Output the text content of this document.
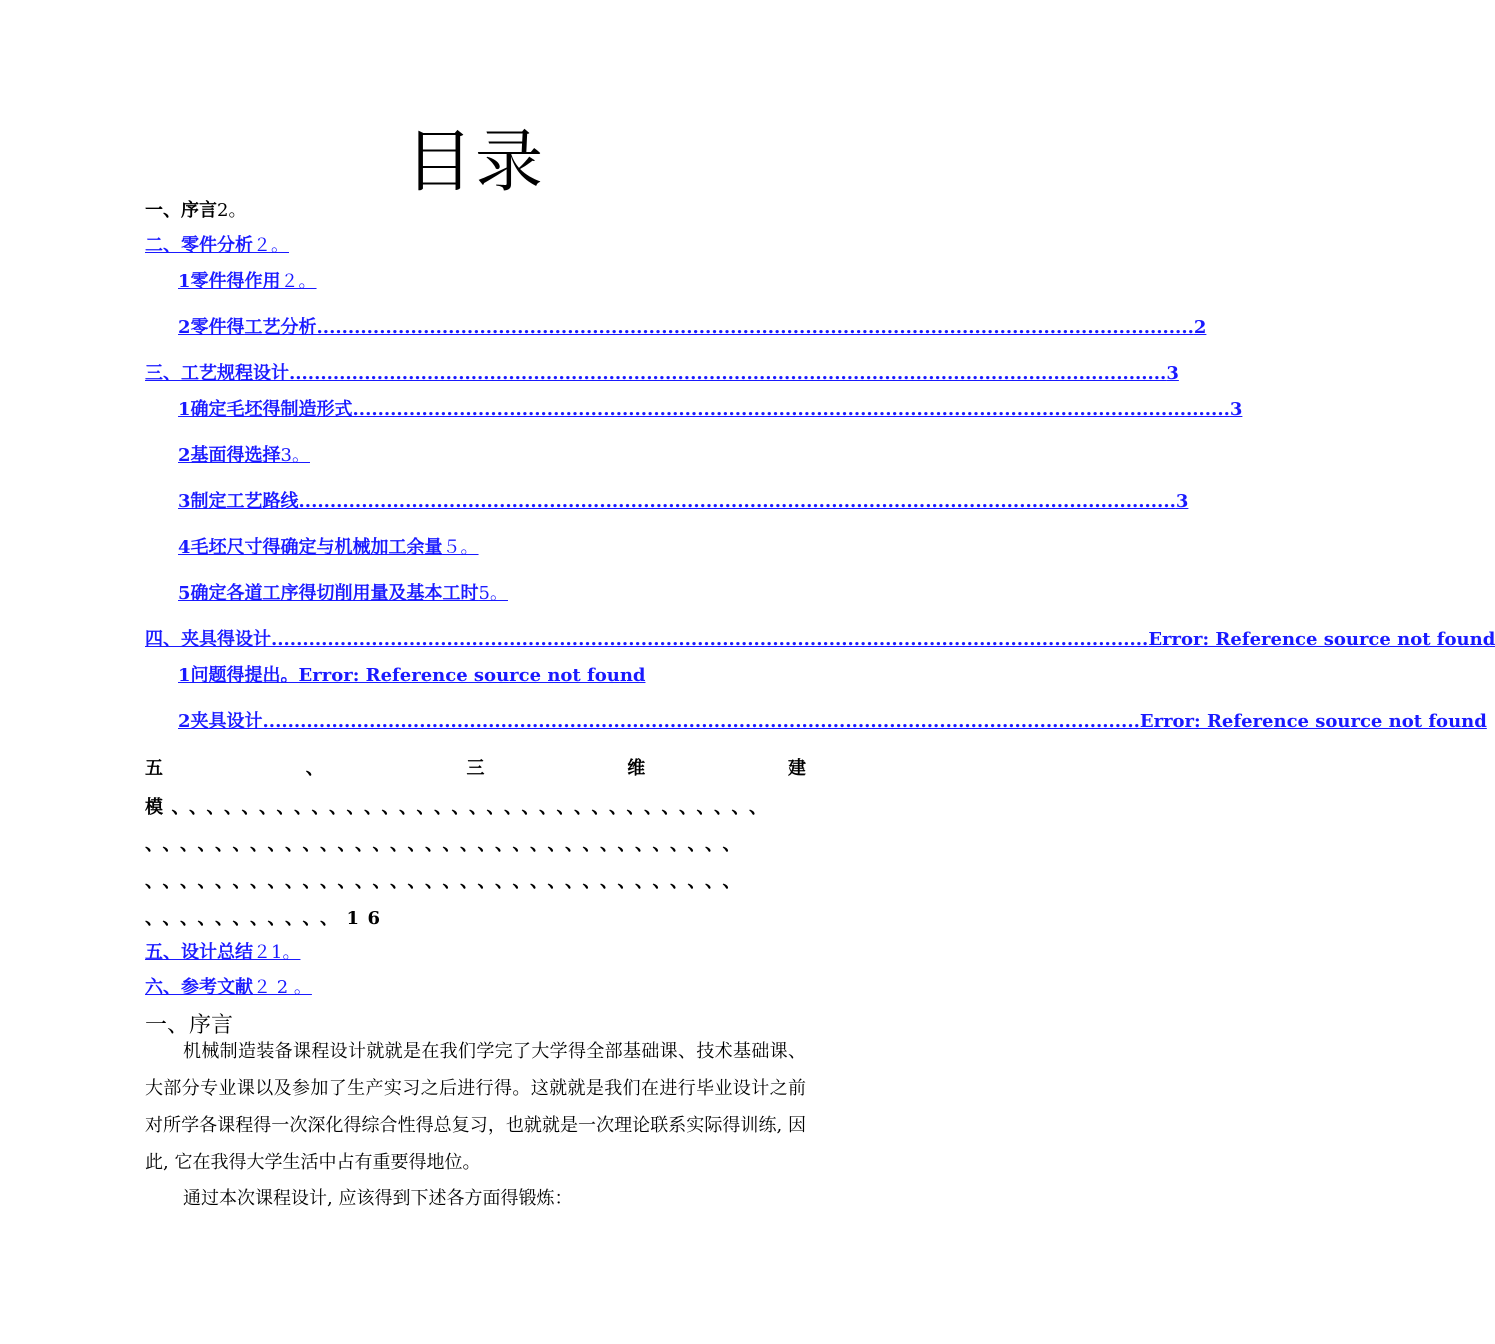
目录
一、序言 2。
二、零件分析 ２。
1零件得作用 ２。
2零件得工艺分析 ............................................................................................................................................ 2
三、工艺规程设计 ............................................................................................................................................ 3
1确定毛坯得制造形式 ............................................................................................................................................ 3
2基面得选择 3。
3制定工艺路线 ............................................................................................................................................ 3
4毛坯尺寸得确定与机械加工余量 ５。
5确定各道工序得切削用量及基本工时 5。
四、夹具得设计 ............................................................................................................................................ Error: Reference source not found
1问题得提出 。Error: Reference source not found
2夹具设计 ............................................................................................................................................ Error: Reference source not found
五	、	三	维	建
模、、、、、、、、、、、、、、、、、、、、、、、、、、、、、、、、、、
、、、、、、、、、、、、、、、、、、、、、、、、、、、、、、、、、、
、、、、、、、、、、、、、、、、、、、、、、、、、、、、、、、、、、
、、、、、、、、、、、16
五、设计总结 ２1。
六、参考文献 ２ 2 。
一、序言

机械制造装备课程设计就就是在我们学完了大学得全部基础课、技术基础课、大部分专业课以及参加了生产实习之后进行得。这就就是我们在进行毕业设计之前对所学各课程得一次深化得综合性得总复习，也就就是一次理论联系实际得训练, 因此, 它在我得大学生活中占有重要得地位。

通过本次课程设计, 应该得到下述各方面得锻炼：
